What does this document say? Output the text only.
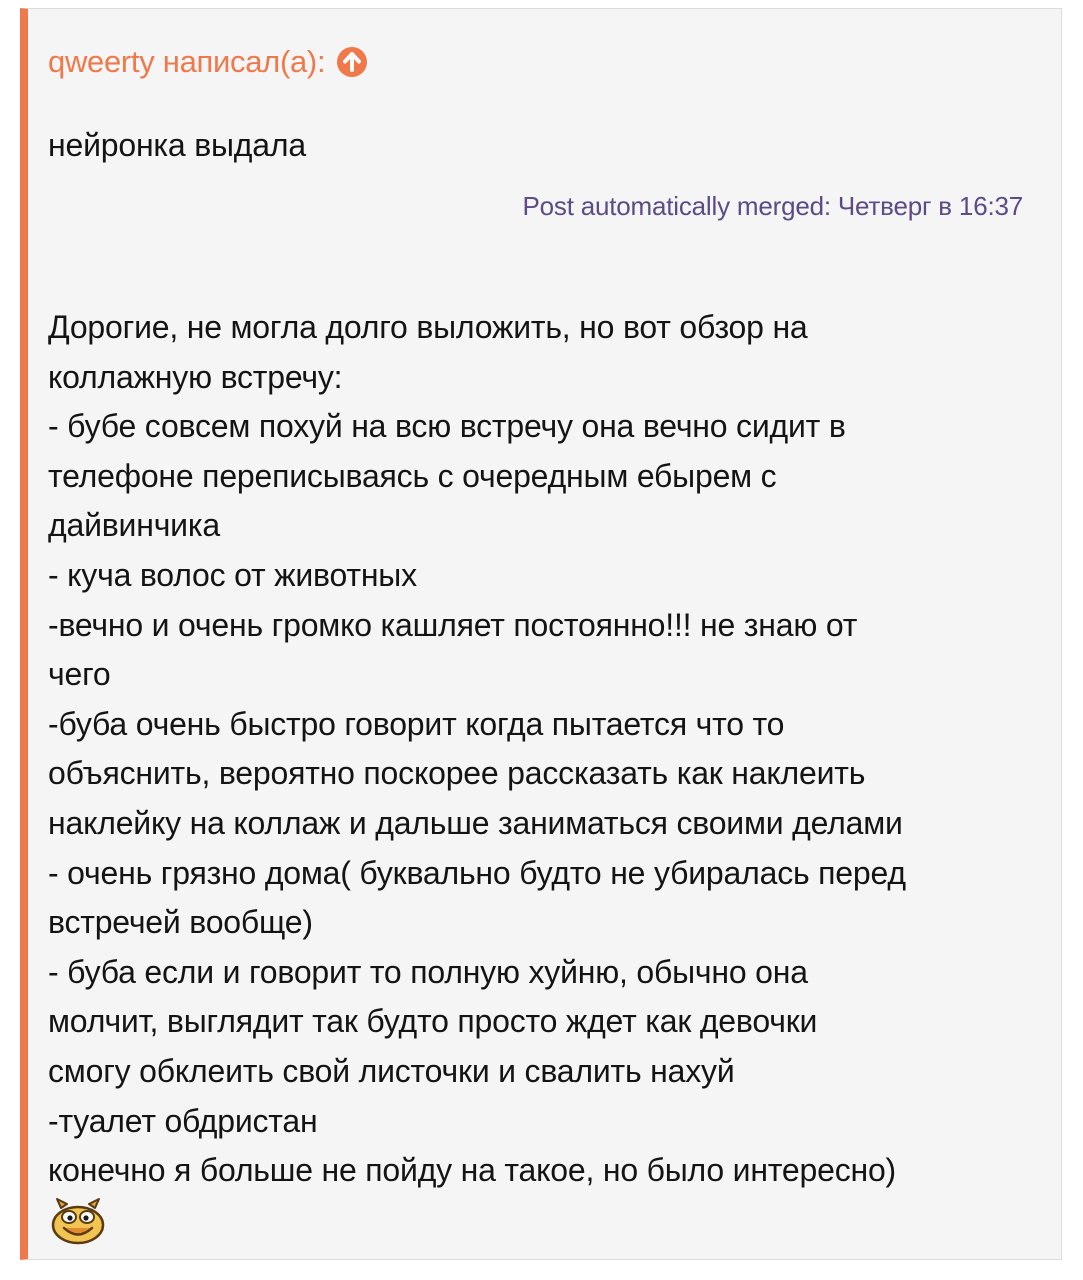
qweerty написал(а):
нейронка выдала
Post automatically merged: Четверг в 16:37
Дорогие, не могла долго выложить, но вот обзор на
коллажную встречу:
- бубе совсем похуй на всю встречу она вечно сидит в
телефоне переписываясь с очередным ебырем с
дайвинчика
- куча волос от животных
-вечно и очень громко кашляет постоянно!!! не знаю от
чего
-буба очень быстро говорит когда пытается что то
объяснить, вероятно поскорее рассказать как наклеить
наклейку на коллаж и дальше заниматься своими делами
- очень грязно дома( буквально будто не убиралась перед
встречей вообще)
- буба если и говорит то полную хуйню, обычно она
молчит, выглядит так будто просто ждет как девочки
смогу обклеить свой листочки и свалить нахуй
-туалет обдристан
конечно я больше не пойду на такое, но было интересно)
